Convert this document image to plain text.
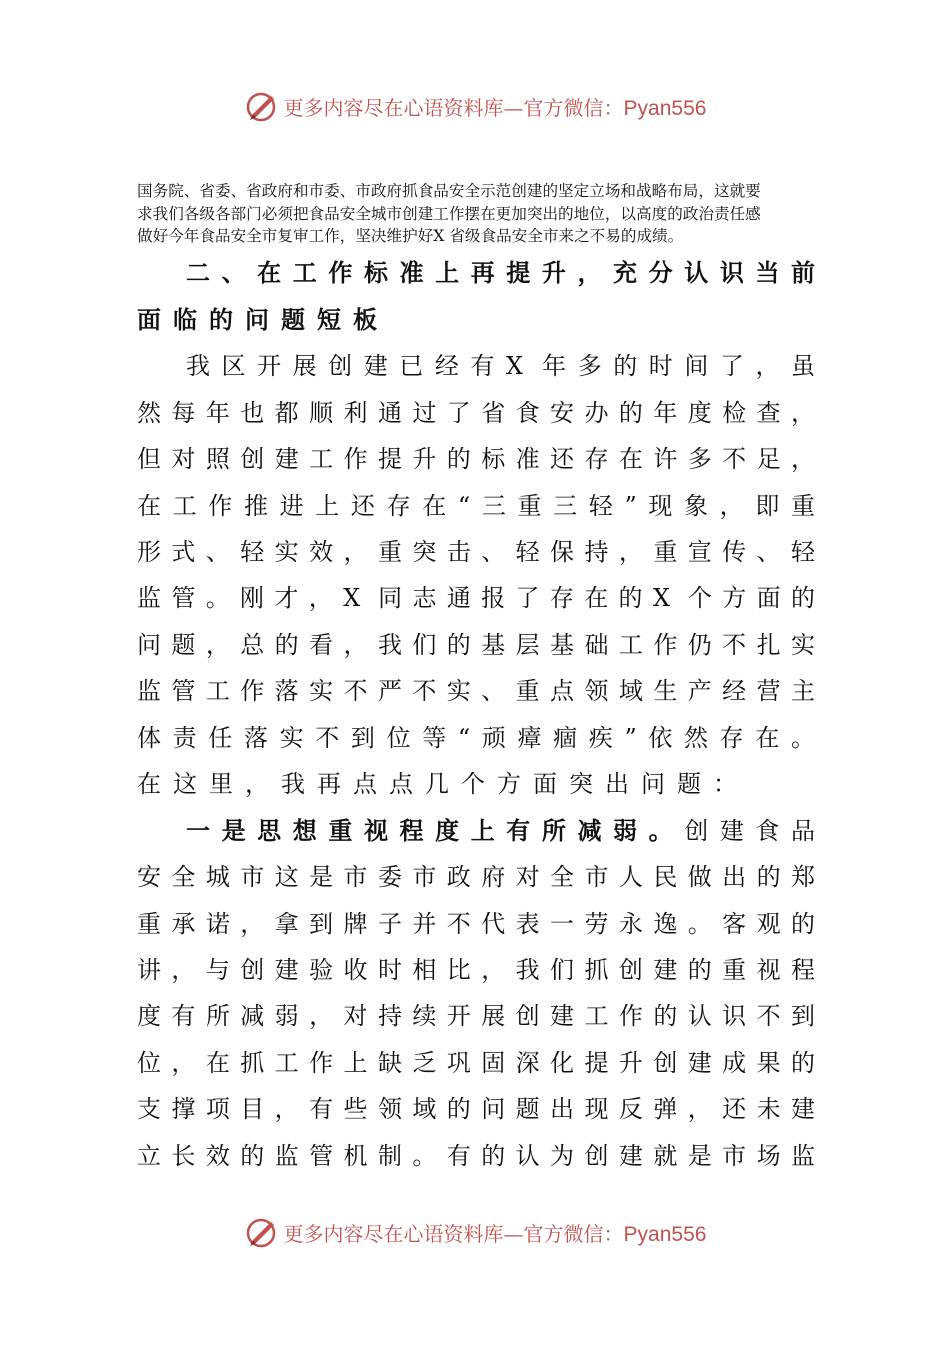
更多内容尽在心语资料库—官方微信：Pyan556

国务院、省委、省政府和市委、市政府抓食品安全示范创建的坚定立场和战略布局，这就要

求我们各级各部门必须把食品安全城市创建工作摆在更加突出的地位，以高度的政治责任感

做好今年食品安全市复审工作，坚决维护好X 省级食品安全市来之不易的成绩。

二、在工作标准上再提升，充分认识当前
面临的问题短板
我区开展创建已经有X 年多的时间了，虽
然每年也都顺利通过了省食安办的年度检查，
但对照创建工作提升的标准还存在许多不足，
在工作推进上还存在“三重三轻”现象，即重
形式、轻实效，重突击、轻保持，重宣传、轻
监管。刚才，X 同志通报了存在的X 个方面的
问题，总的看，我们的基层基础工作仍不扎实
监管工作落实不严不实、重点领域生产经营主
体责任落实不到位等“顽瘴痼疾”依然存在。
在这里，我再点点几个方面突出问题：
一是思想重视程度上有所减弱。创建食品
安全城市这是市委市政府对全市人民做出的郑
重承诺，拿到牌子并不代表一劳永逸。客观的
讲，与创建验收时相比，我们抓创建的重视程
度有所减弱，对持续开展创建工作的认识不到
位，在抓工作上缺乏巩固深化提升创建成果的
支撑项目，有些领域的问题出现反弹，还未建
立长效的监管机制。有的认为创建就是市场监
更多内容尽在心语资料库—官方微信：Pyan556
